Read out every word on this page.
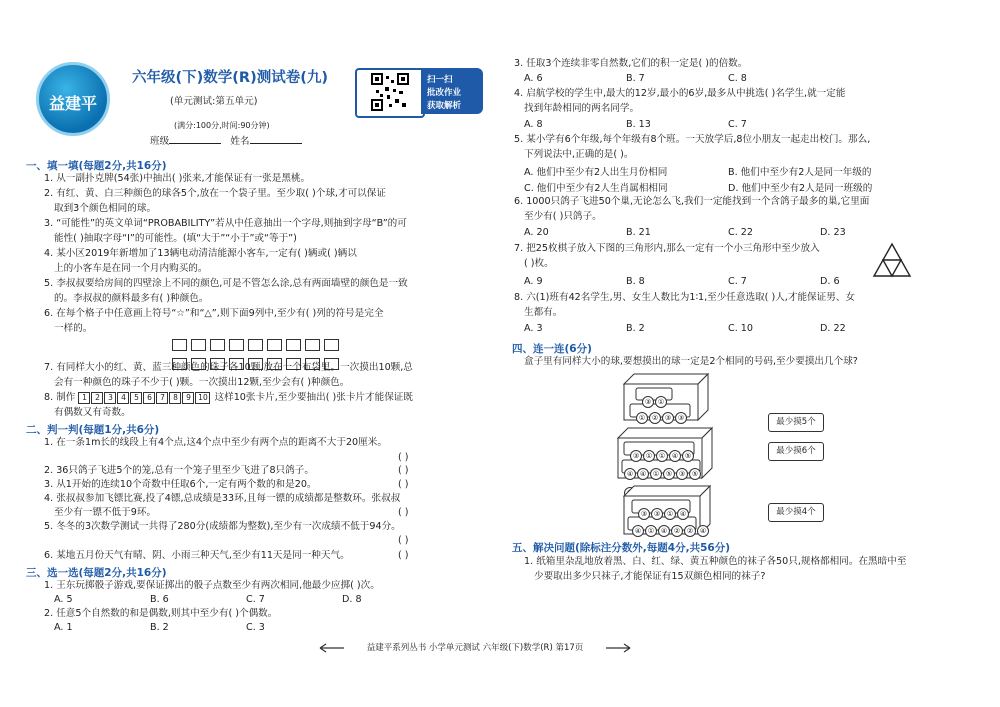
益建平
六年级(下)数学(R)测试卷(九)
(单元测试:第五单元)
(满分:100分,时间:90分钟)
班级	姓名
扫一扫
批改作业
获取解析
一、填一填(每题2分,共16分)
1. 从一副扑克牌(54张)中抽出( )张来,才能保证有一张是黑桃。
2. 有红、黄、白三种颜色的球各5个,放在一个袋子里。至少取( )个球,才可以保证
取到3个颜色相同的球。
3. “可能性”的英文单词“PROBABILITY”若从中任意抽出一个字母,则抽到字母“B”的可
能性( )抽取字母“I”的可能性。(填“大于”“小于”或“等于”)
4. 某小区2019年新增加了13辆电动清洁能源小客车,一定有( )辆或( )辆以
上的小客车是在同一个月内购买的。
5. 李叔叔要给房间的四壁涂上不同的颜色,可是不管怎么涂,总有两面墙壁的颜色是一致
的。李叔叔的颜料最多有( )种颜色。
6. 在每个格子中任意画上符号“☆”和“△”,则下面9列中,至少有( )列的符号是完全
一样的。

7. 有同样大小的红、黄、蓝三种颜色的珠子各10颗,放在一个布袋里。一次摸出10颗,总
会有一种颜色的珠子不少于( )颗。一次摸出12颗,至少会有( )种颜色。
8. 制作 1 2 3 4 5 6 7 8 9 10 这样10张卡片,至少要抽出( )张卡片才能保证既
有偶数又有奇数。
二、判一判(每题1分,共6分)
1. 在一条1m长的线段上有4个点,这4个点中至少有两个点的距离不大于20厘米。
( )
2. 36只鸽子飞进5个的笼,总有一个笼子里至少飞进了8只鸽子。	( )
3. 从1开始的连续10个奇数中任取6个,一定有两个数的和是20。	( )
4. 张叔叔参加飞镖比赛,投了4镖,总成绩是33环,且每一镖的成绩都是整数环。张叔叔
至少有一镖不低于9环。	( )
5. 冬冬的3次数学测试一共得了280分(成绩都为整数),至少有一次成绩不低于94分。
( )
6. 某地五月份天气有晴、阴、小雨三种天气,至少有11天是同一种天气。	( )
三、选一选(每题2分,共16分)
1. 王东玩掷骰子游戏,要保证掷出的骰子点数至少有两次相同,他最少应掷( )次。
A. 5	B. 6	C. 7	D. 8
2. 任意5个自然数的和是偶数,则其中至少有( )个偶数。
A. 1	B. 2	C. 3
3. 任取3个连续非零自然数,它们的积一定是( )的倍数。
A. 6	B. 7	C. 8
4. 启航学校的学生中,最大的12岁,最小的6岁,最多从中挑选( )名学生,就一定能
找到年龄相同的两名同学。
A. 8	B. 13	C. 7
5. 某小学有6个年级,每个年级有8个班。一天放学后,8位小朋友一起走出校门。那么,
下列说法中,正确的是( )。
A. 他们中至少有2人出生月份相同	B. 他们中至少有2人是同一年级的
C. 他们中至少有2人生肖属相相同	D. 他们中至少有2人是同一班级的
6. 1000只鸽子飞进50个巢,无论怎么飞,我们一定能找到一个含鸽子最多的巢,它里面
至少有( )只鸽子。
A. 20	B. 21	C. 22	D. 23
7. 把25枚棋子放入下图的三角形内,那么一定有一个小三角形中至少放入
( )枚。
A. 9	B. 8	C. 7	D. 6
8. 六(1)班有42名学生,男、女生人数比为1∶1,至少任意选取( )人,才能保证男、女
生都有。
A. 3	B. 2	C. 10	D. 22
四、连一连(6分)
盒子里有同样大小的球,要想摸出的球一定是2个相同的号码,至少要摸出几个球?
③ ①
① ② ③ ③
③ ① ① ④ ⑤
④ ④ ① ⑤ ③ ⑤
③ ③ ① ④
④ ① ④ ② ② ④
最少摸5个
最少摸6个
最少摸4个
五、解决问题(除标注分数外,每题4分,共56分)
1. 纸箱里杂乱地放着黑、白、红、绿、黄五种颜色的袜子各50只,规格都相同。在黑暗中至
少要取出多少只袜子,才能保证有15双颜色相同的袜子?
益建平系列丛书 小学单元测试 六年级(下)数学(R) 第17页
